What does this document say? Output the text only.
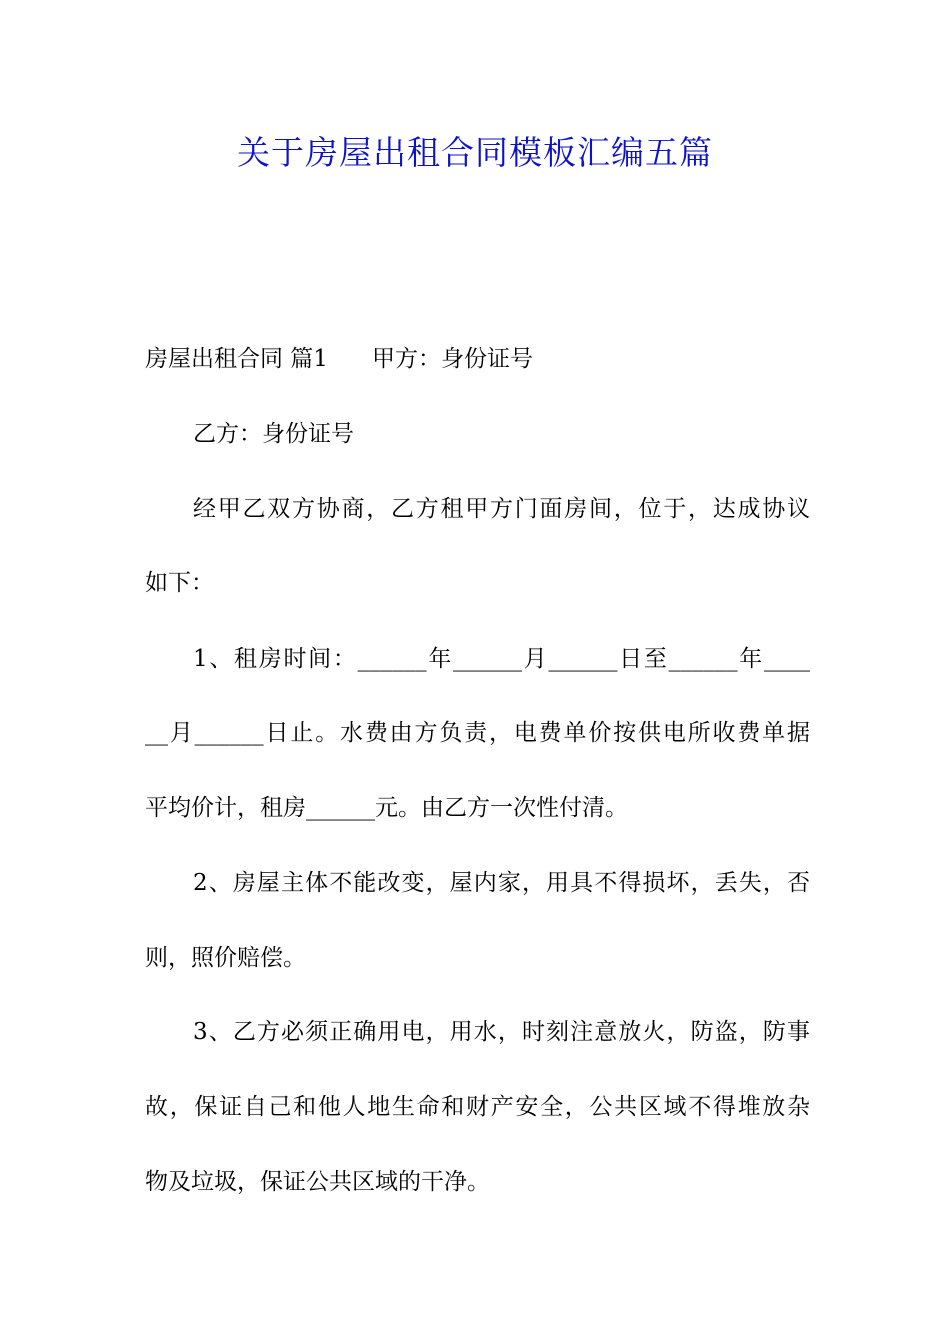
关于房屋出租合同模板汇编五篇
房屋出租合同 篇1 甲方：身份证号
乙方：身份证号
经甲乙双方协商，乙方租甲方门面房间，位于，达成协议
如下：
1、租房时间：______年______月______日至______年____
__月______日止。水费由方负责，电费单价按供电所收费单据
平均价计，租房______元。由乙方一次性付清。
2、房屋主体不能改变，屋内家，用具不得损坏，丢失，否
则，照价赔偿。
3、乙方必须正确用电，用水，时刻注意放火，防盗，防事
故，保证自己和他人地生命和财产安全，公共区域不得堆放杂
物及垃圾，保证公共区域的干净。
